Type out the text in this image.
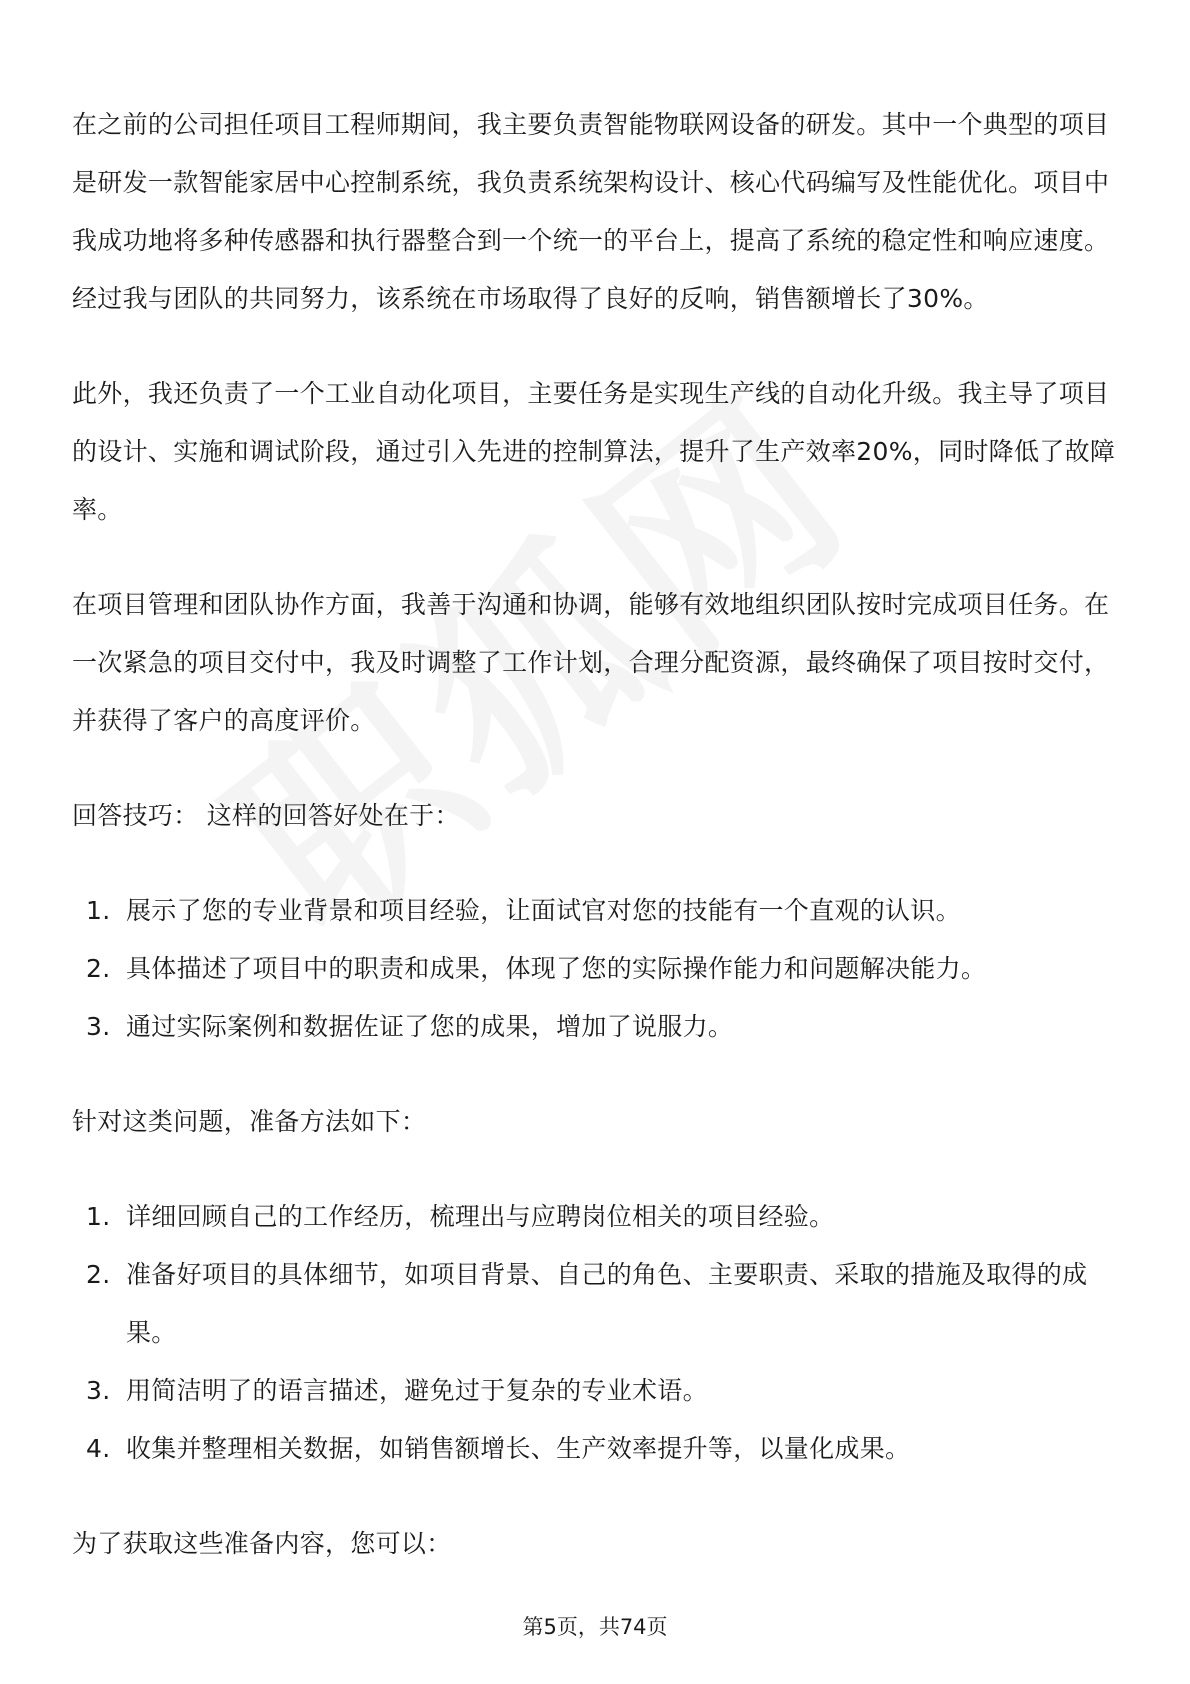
在之前的公司担任项目工程师期间，我主要负责智能物联网设备的研发。其中一个典型的项目是研发一款智能家居中心控制系统，我负责系统架构设计、核心代码编写及性能优化。项目中我成功地将多种传感器和执行器整合到一个统一的平台上，提高了系统的稳定性和响应速度。经过我与团队的共同努力，该系统在市场取得了良好的反响，销售额增长了30%。

此外，我还负责了一个工业自动化项目，主要任务是实现生产线的自动化升级。我主导了项目的设计、实施和调试阶段，通过引入先进的控制算法，提升了生产效率20%，同时降低了故障率。

在项目管理和团队协作方面，我善于沟通和协调，能够有效地组织团队按时完成项目任务。在一次紧急的项目交付中，我及时调整了工作计划，合理分配资源，最终确保了项目按时交付，并获得了客户的高度评价。

回答技巧： 这样的回答好处在于：

1. 展示了您的专业背景和项目经验，让面试官对您的技能有一个直观的认识。
2. 具体描述了项目中的职责和成果，体现了您的实际操作能力和问题解决能力。
3. 通过实际案例和数据佐证了您的成果，增加了说服力。

针对这类问题，准备方法如下：

1. 详细回顾自己的工作经历，梳理出与应聘岗位相关的项目经验。
2. 准备好项目的具体细节，如项目背景、自己的角色、主要职责、采取的措施及取得的成果。
3. 用简洁明了的语言描述，避免过于复杂的专业术语。
4. 收集并整理相关数据，如销售额增长、生产效率提升等，以量化成果。

为了获取这些准备内容，您可以：

第5页，共74页
